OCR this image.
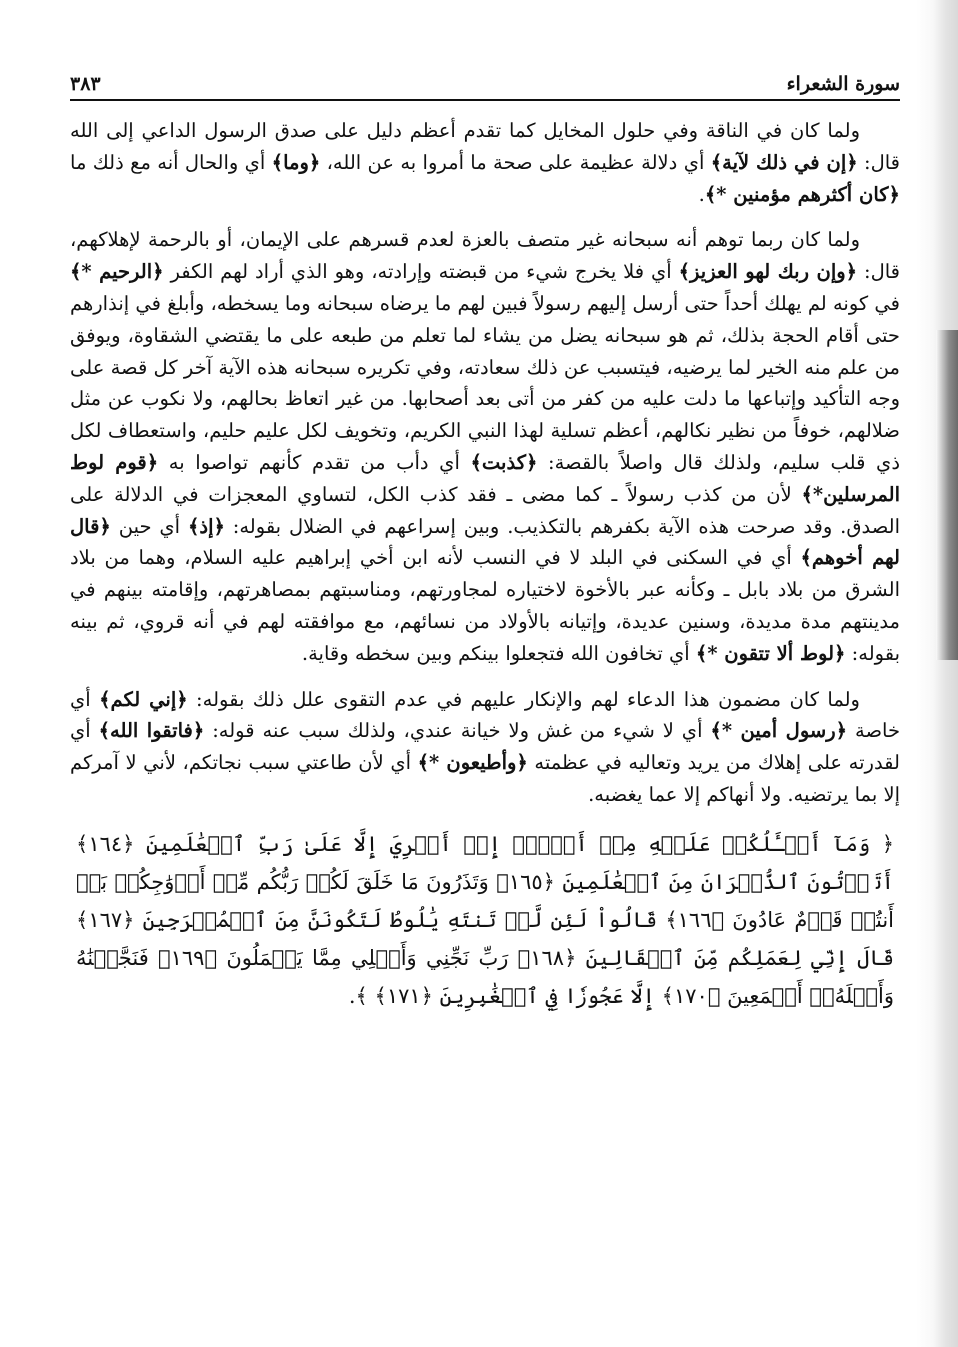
سورة الشعراء
٣٨٣

ولما كان في الناقة وفي حلول المخايل كما تقدم أعظم دليل على صدق الرسول الداعي إلى الله قال: ﴿إن في ذلك لآية﴾ أي دلالة عظيمة على صحة ما أمروا به عن الله، ﴿وما﴾ أي والحال أنه مع ذلك ما ﴿كان أكثرهم مؤمنين *﴾.

ولما كان ربما توهم أنه سبحانه غير متصف بالعزة لعدم قسرهم على الإيمان، أو بالرحمة لإهلاكهم، قال: ﴿وإن ربك لهو العزيز﴾ أي فلا يخرج شيء من قبضته وإرادته، وهو الذي أراد لهم الكفر ﴿الرحيم *﴾ في كونه لم يهلك أحداً حتى أرسل إليهم رسولاً فبين لهم ما يرضاه سبحانه وما يسخطه، وأبلغ في إنذارهم حتى أقام الحجة بذلك، ثم هو سبحانه يضل من يشاء لما تعلم من طبعه على ما يقتضي الشقاوة، ويوفق من علم منه الخير لما يرضيه، فيتسبب عن ذلك سعادته، وفي تكريره سبحانه هذه الآية آخر كل قصة على وجه التأكيد وإتباعها ما دلت عليه من كفر من أتى بعد أصحابها. من غير اتعاظ بحالهم، ولا نكوب عن مثل ضلالهم، خوفاً من نظير نكالهم، أعظم تسلية لهذا النبي الكريم، وتخويف لكل عليم حليم، واستعطاف لكل ذي قلب سليم، ولذلك قال واصلاً بالقصة: ﴿كذبت﴾ أي دأب من تقدم كأنهم تواصوا به ﴿قوم لوط المرسلين*﴾ لأن من كذب رسولاً ـ كما مضى ـ فقد كذب الكل، لتساوي المعجزات في الدلالة على الصدق. وقد صرحت هذه الآية بكفرهم بالتكذيب. وبين إسراعهم في الضلال بقوله: ﴿إذ﴾ أي حين ﴿قال لهم أخوهم﴾ أي في السكنى في البلد لا في النسب لأنه ابن أخي إبراهيم عليه السلام، وهما من بلاد الشرق من بلاد بابل ـ وكأنه عبر بالأخوة لاختياره لمجاورتهم، ومناسبتهم بمصاهرتهم، وإقامته بينهم في مدينتهم مدة مديدة، وسنين عديدة، وإتيانه بالأولاد من نسائهم، مع موافقته لهم في أنه قروي، ثم بينه بقوله: ﴿لوط ألا تتقون *﴾ أي تخافون الله فتجعلوا بينكم وبين سخطه وقاية.

ولما كان مضمون هذا الدعاء لهم والإنكار عليهم في عدم التقوى علل ذلك بقوله: ﴿إني لكم﴾ أي خاصة ﴿رسول أمين *﴾ أي لا شيء من غش ولا خيانة عندي، ولذلك سبب عنه قوله: ﴿فاتقوا الله﴾ أي لقدرته على إهلاك من يريد وتعاليه في عظمته ﴿وأطيعون *﴾ أي لأن طاعتي سبب نجاتكم، لأني لا آمركم إلا بما يرتضيه. ولا أنهاكم إلا عما يغضبه.

﴿ وَمَآ أَسۡـَٔلُكُمۡ عَلَيۡهِ مِنۡ أَجۡرٍۖ إِنۡ أَجۡرِيَ إِلَّا عَلَىٰ رَبِّ ٱلۡعَٰلَمِينَ ﴿١٦٤﴾ أَتَأۡتُونَ ٱلذُّكۡرَانَ مِنَ ٱلۡعَٰلَمِينَ ﴿١٦٥﴾ وَتَذَرُونَ مَا خَلَقَ لَكُمۡ رَبُّكُم مِّنۡ أَزۡوَٰجِكُمۚ بَلۡ أَنتُمۡ قَوۡمٌ عَادُونَ ﴿١٦٦﴾ قَالُواْ لَئِن لَّمۡ تَنتَهِ يَٰلُوطُ لَتَكُونَنَّ مِنَ ٱلۡمُخۡرَجِينَ ﴿١٦٧﴾ قَالَ إِنِّي لِعَمَلِكُم مِّنَ ٱلۡقَالِينَ ﴿١٦٨﴾ رَبِّ نَجِّنِي وَأَهۡلِي مِمَّا يَعۡمَلُونَ ﴿١٦٩﴾ فَنَجَّيۡنَٰهُ وَأَهۡلَهُۥٓ أَجۡمَعِينَ ﴿١٧٠﴾ إِلَّا عَجُوزٗا فِي ٱلۡغَٰبِرِينَ ﴿١٧١﴾ ﴾.
